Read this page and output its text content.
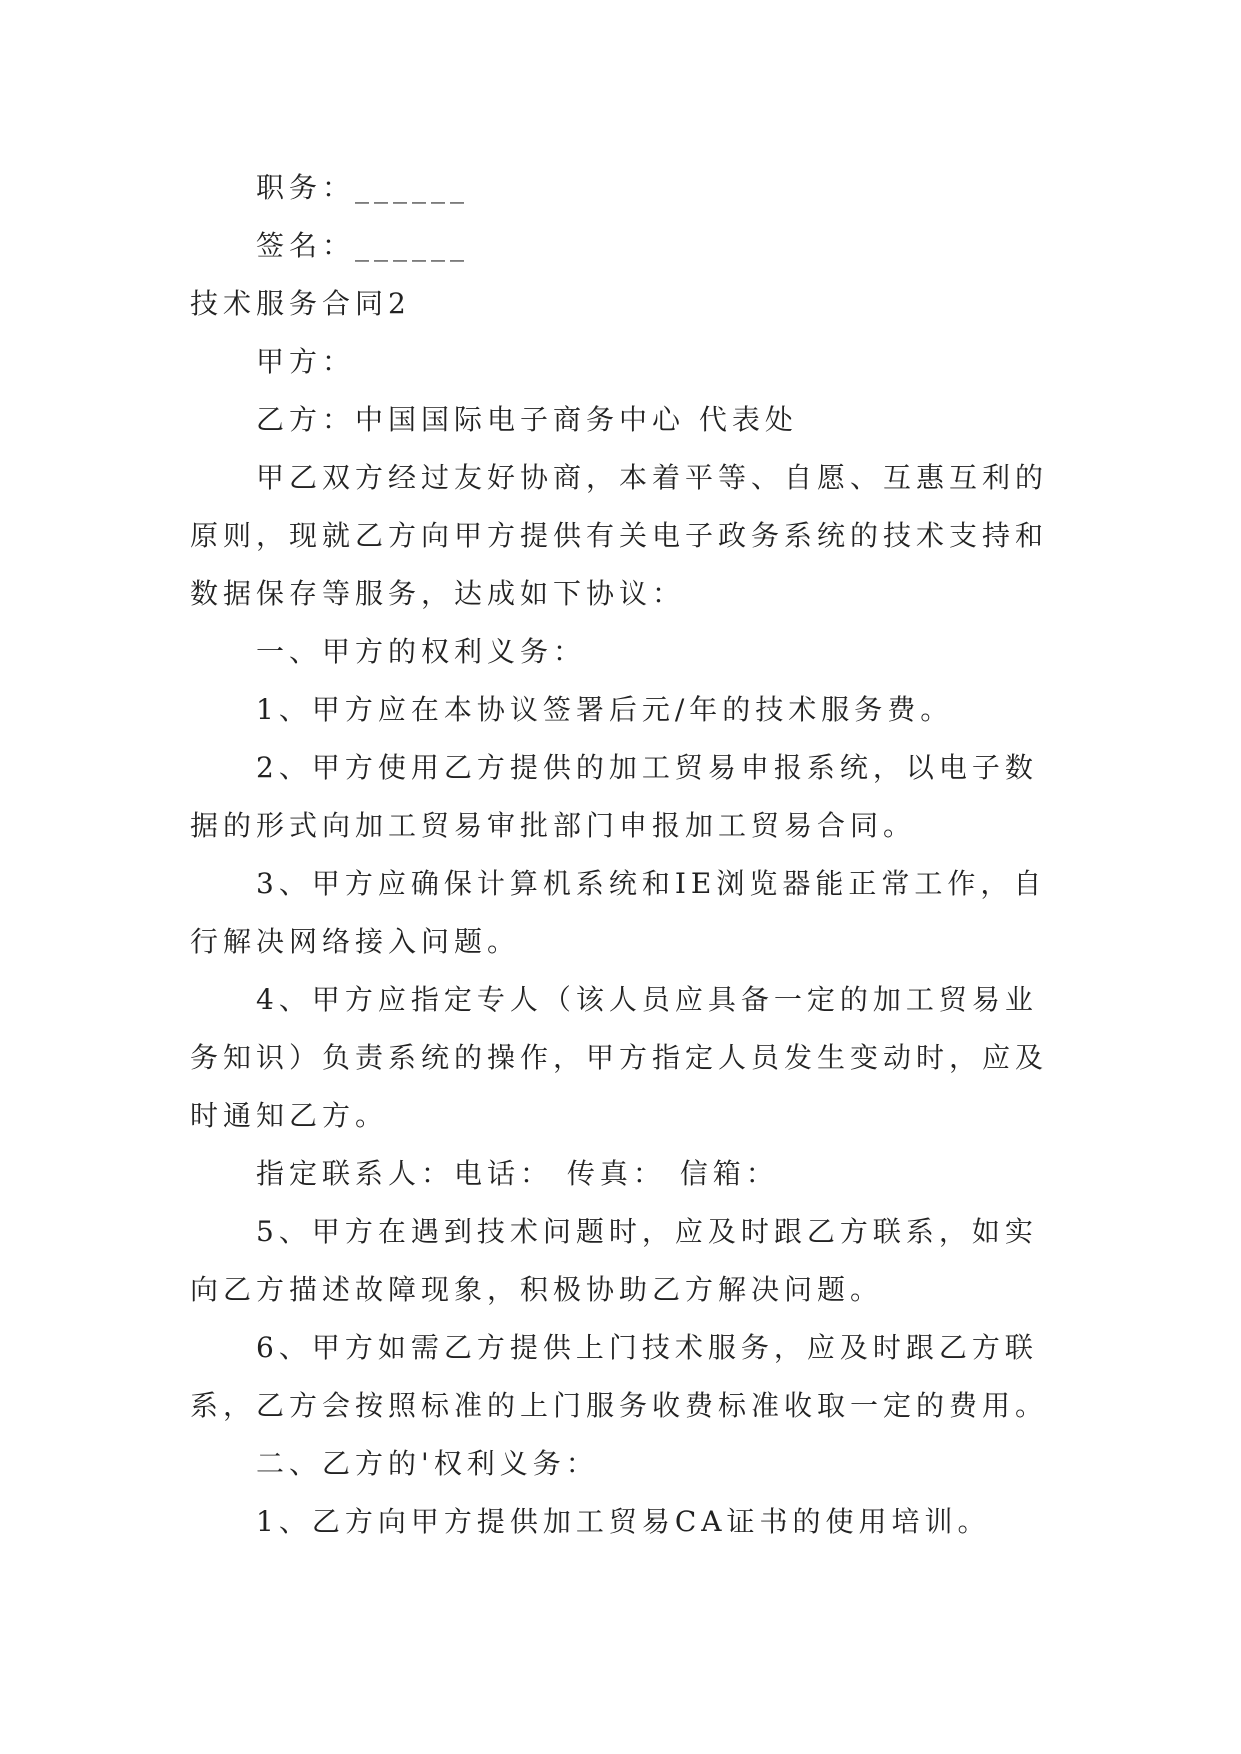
职务：______
签名：______
技术服务合同2
甲方：
乙方：中国国际电子商务中心 代表处
甲乙双方经过友好协商，本着平等、自愿、互惠互利的
原则，现就乙方向甲方提供有关电子政务系统的技术支持和
数据保存等服务，达成如下协议：
一、甲方的权利义务：
1、甲方应在本协议签署后元/年的技术服务费。
2、甲方使用乙方提供的加工贸易申报系统，以电子数
据的形式向加工贸易审批部门申报加工贸易合同。
3、甲方应确保计算机系统和IE浏览器能正常工作，自
行解决网络接入问题。
4、甲方应指定专人（该人员应具备一定的加工贸易业
务知识）负责系统的操作，甲方指定人员发生变动时，应及
时通知乙方。
指定联系人：电话： 传真： 信箱：
5、甲方在遇到技术问题时，应及时跟乙方联系，如实
向乙方描述故障现象，积极协助乙方解决问题。
6、甲方如需乙方提供上门技术服务，应及时跟乙方联
系，乙方会按照标准的上门服务收费标准收取一定的费用。
二、乙方的'权利义务：
1、乙方向甲方提供加工贸易CA证书的使用培训。
